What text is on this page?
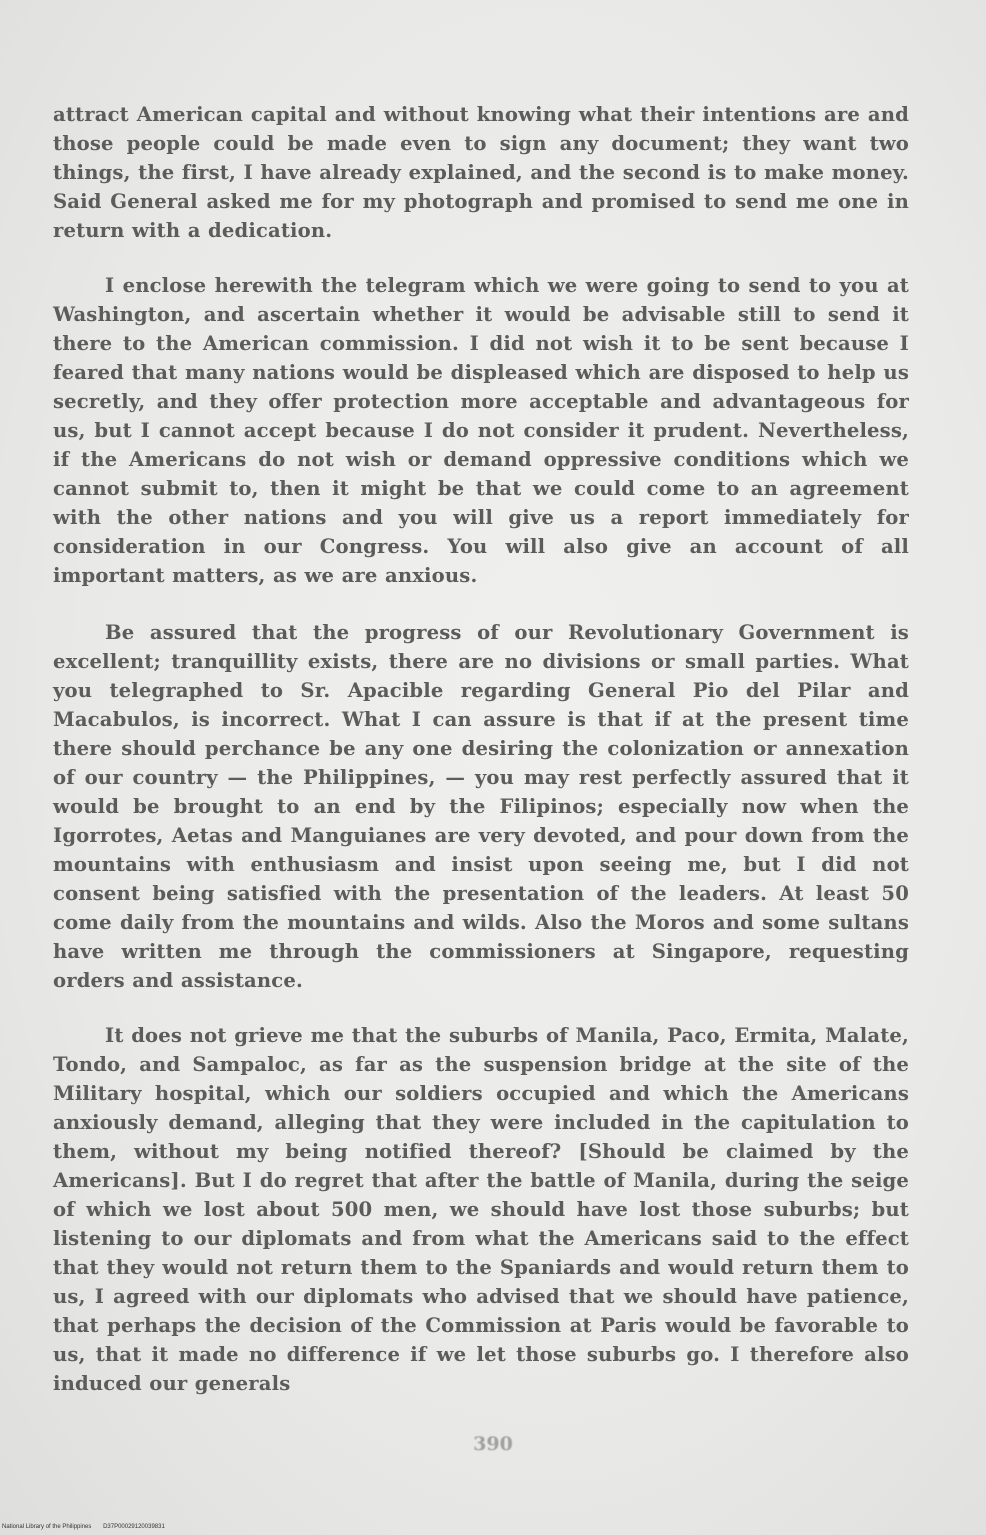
attract American capital and without knowing what their intentions are and those people could be made even to sign any document; they want two things, the first, I have already explained, and the second is to make money. Said General asked me for my photograph and promised to send me one in return with a dedication.

I enclose herewith the telegram which we were going to send to you at Washington, and ascertain whether it would be advisable still to send it there to the American commission. I did not wish it to be sent because I feared that many nations would be displeased which are disposed to help us secretly, and they offer protection more acceptable and advantageous for us, but I cannot accept because I do not consider it prudent. Nevertheless, if the Americans do not wish or demand oppressive conditions which we cannot submit to, then it might be that we could come to an agreement with the other nations and you will give us a report immediately for consideration in our Congress. You will also give an account of all important matters, as we are anxious.

Be assured that the progress of our Revolutionary Government is excellent; tranquillity exists, there are no divisions or small parties. What you telegraphed to Sr. Apacible regarding General Pio del Pilar and Macabulos, is incorrect. What I can assure is that if at the present time there should perchance be any one desiring the colonization or annexation of our country — the Philippines, — you may rest perfectly assured that it would be brought to an end by the Filipinos; especially now when the Igorrotes, Aetas and Manguianes are very devoted, and pour down from the mountains with enthusiasm and insist upon seeing me, but I did not consent being satisfied with the presentation of the leaders. At least 50 come daily from the mountains and wilds. Also the Moros and some sultans have written me through the commissioners at Singapore, requesting orders and assistance.

It does not grieve me that the suburbs of Manila, Paco, Ermita, Malate, Tondo, and Sampaloc, as far as the suspension bridge at the site of the Military hospital, which our soldiers occupied and which the Americans anxiously demand, alleging that they were included in the capitulation to them, without my being notified thereof? [Should be claimed by the Americans]. But I do regret that after the battle of Manila, during the seige of which we lost about 500 men, we should have lost those suburbs; but listening to our diplomats and from what the Americans said to the effect that they would not return them to the Spaniards and would return them to us, I agreed with our diplomats who advised that we should have patience, that perhaps the decision of the Commission at Paris would be favorable to us, that it made no difference if we let those suburbs go. I therefore also induced our generals

390
National Library of the Philippines D37P00029120039831
